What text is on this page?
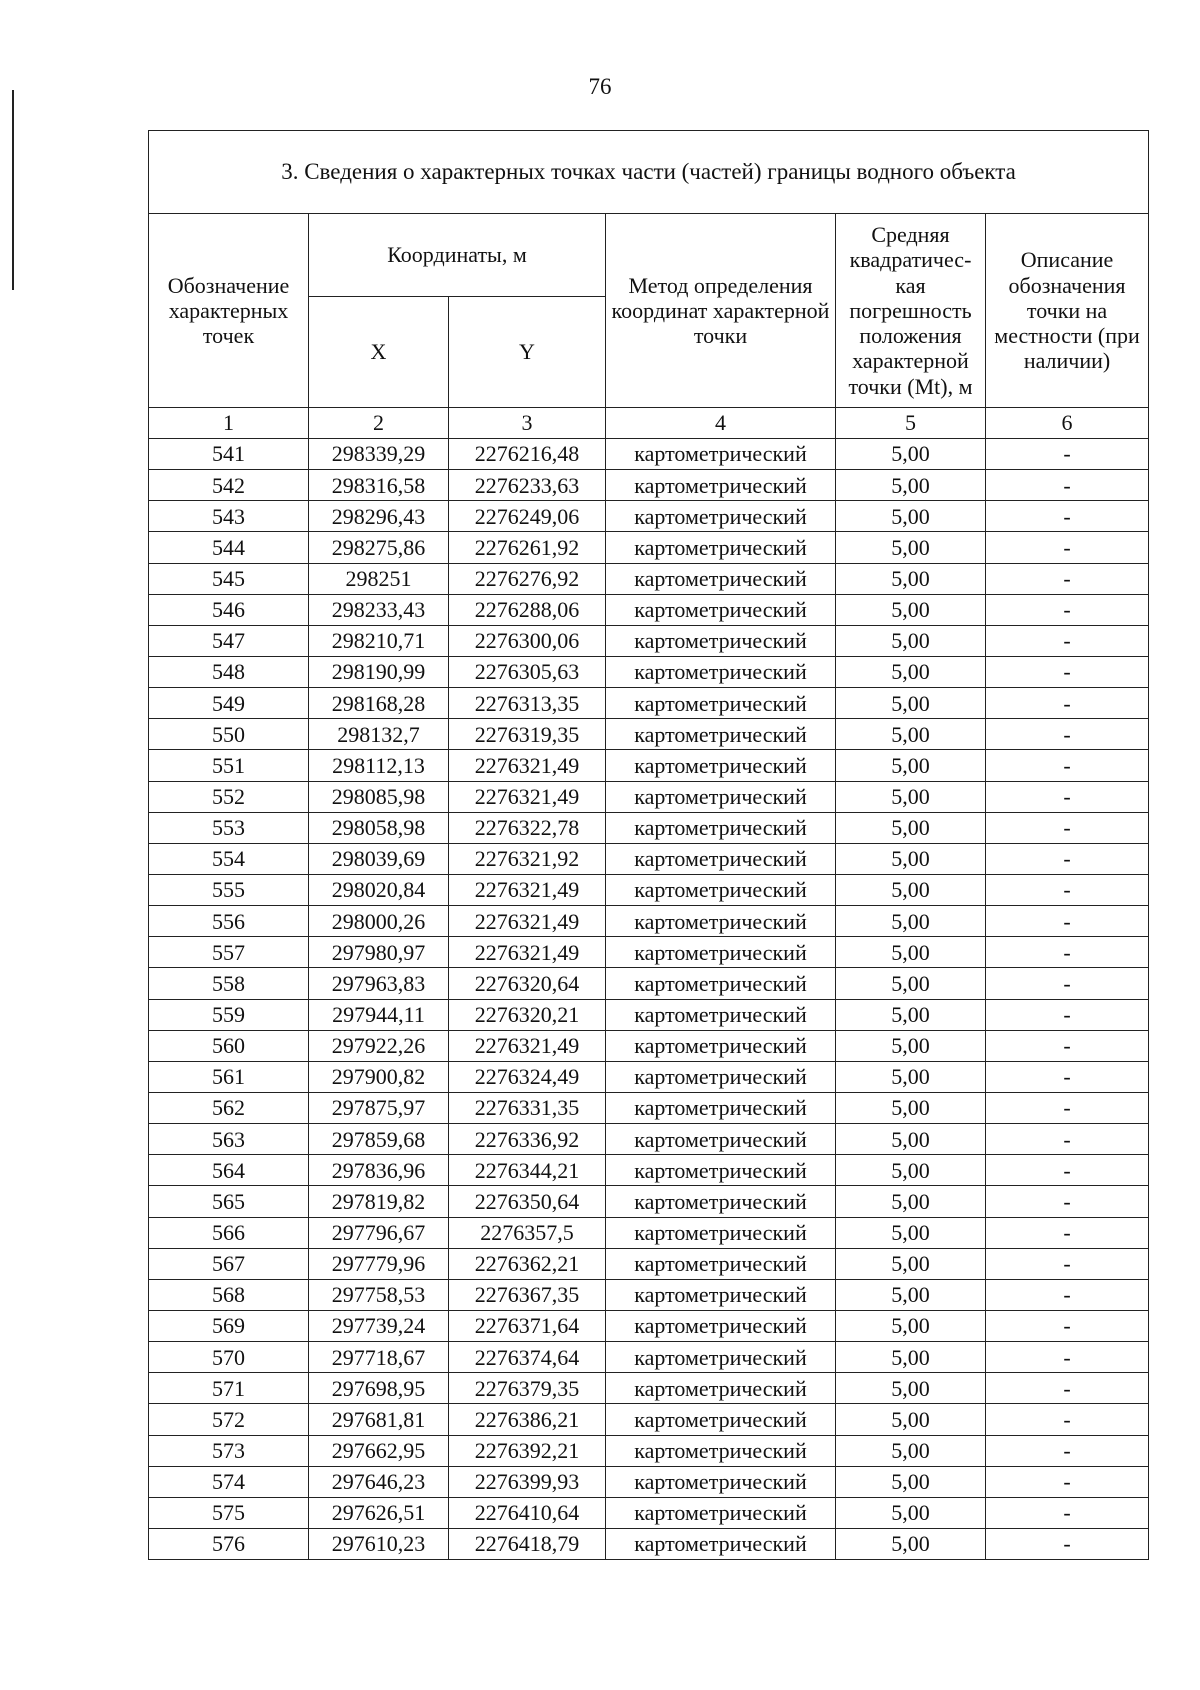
76
3. Сведения о характерных точках части (частей) границы водного объекта					
Обозначение характерных точек	Координаты, м		Метод определения координат характерной точки	Средняя квадратичес-кая погрешность положения характерной точки (Mt), м	Описание обозначения точки на местности (при наличии)
	X	Y			
1	2	3	4	5	6
541	298339,29	2276216,48	картометрический	5,00	-
542	298316,58	2276233,63	картометрический	5,00	-
543	298296,43	2276249,06	картометрический	5,00	-
544	298275,86	2276261,92	картометрический	5,00	-
545	298251	2276276,92	картометрический	5,00	-
546	298233,43	2276288,06	картометрический	5,00	-
547	298210,71	2276300,06	картометрический	5,00	-
548	298190,99	2276305,63	картометрический	5,00	-
549	298168,28	2276313,35	картометрический	5,00	-
550	298132,7	2276319,35	картометрический	5,00	-
551	298112,13	2276321,49	картометрический	5,00	-
552	298085,98	2276321,49	картометрический	5,00	-
553	298058,98	2276322,78	картометрический	5,00	-
554	298039,69	2276321,92	картометрический	5,00	-
555	298020,84	2276321,49	картометрический	5,00	-
556	298000,26	2276321,49	картометрический	5,00	-
557	297980,97	2276321,49	картометрический	5,00	-
558	297963,83	2276320,64	картометрический	5,00	-
559	297944,11	2276320,21	картометрический	5,00	-
560	297922,26	2276321,49	картометрический	5,00	-
561	297900,82	2276324,49	картометрический	5,00	-
562	297875,97	2276331,35	картометрический	5,00	-
563	297859,68	2276336,92	картометрический	5,00	-
564	297836,96	2276344,21	картометрический	5,00	-
565	297819,82	2276350,64	картометрический	5,00	-
566	297796,67	2276357,5	картометрический	5,00	-
567	297779,96	2276362,21	картометрический	5,00	-
568	297758,53	2276367,35	картометрический	5,00	-
569	297739,24	2276371,64	картометрический	5,00	-
570	297718,67	2276374,64	картометрический	5,00	-
571	297698,95	2276379,35	картометрический	5,00	-
572	297681,81	2276386,21	картометрический	5,00	-
573	297662,95	2276392,21	картометрический	5,00	-
574	297646,23	2276399,93	картометрический	5,00	-
575	297626,51	2276410,64	картометрический	5,00	-
576	297610,23	2276418,79	картометрический	5,00	-
